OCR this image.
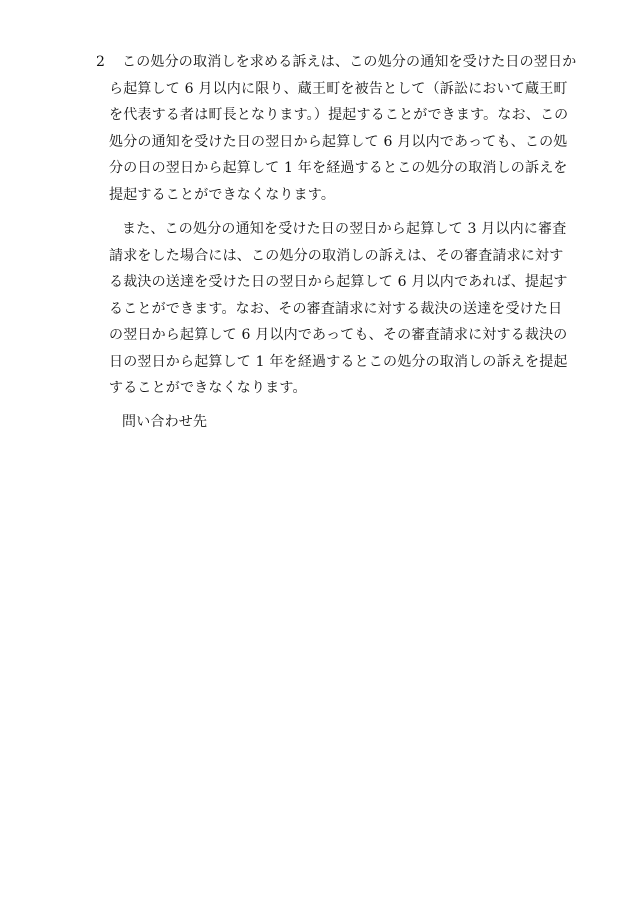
2 この処分の取消しを求める訴えは、この処分の通知を受けた日の翌日か
ら起算して 6 月以内に限り、蔵王町を被告として（訴訟において蔵王町
を代表する者は町長となります。）提起することができます。なお、この
処分の通知を受けた日の翌日から起算して 6 月以内であっても、この処
分の日の翌日から起算して 1 年を経過するとこの処分の取消しの訴えを
提起することができなくなります。
また、この処分の通知を受けた日の翌日から起算して 3 月以内に審査
請求をした場合には、この処分の取消しの訴えは、その審査請求に対す
る裁決の送達を受けた日の翌日から起算して 6 月以内であれば、提起す
ることができます。なお、その審査請求に対する裁決の送達を受けた日
の翌日から起算して 6 月以内であっても、その審査請求に対する裁決の
日の翌日から起算して 1 年を経過するとこの処分の取消しの訴えを提起
することができなくなります。
問い合わせ先
